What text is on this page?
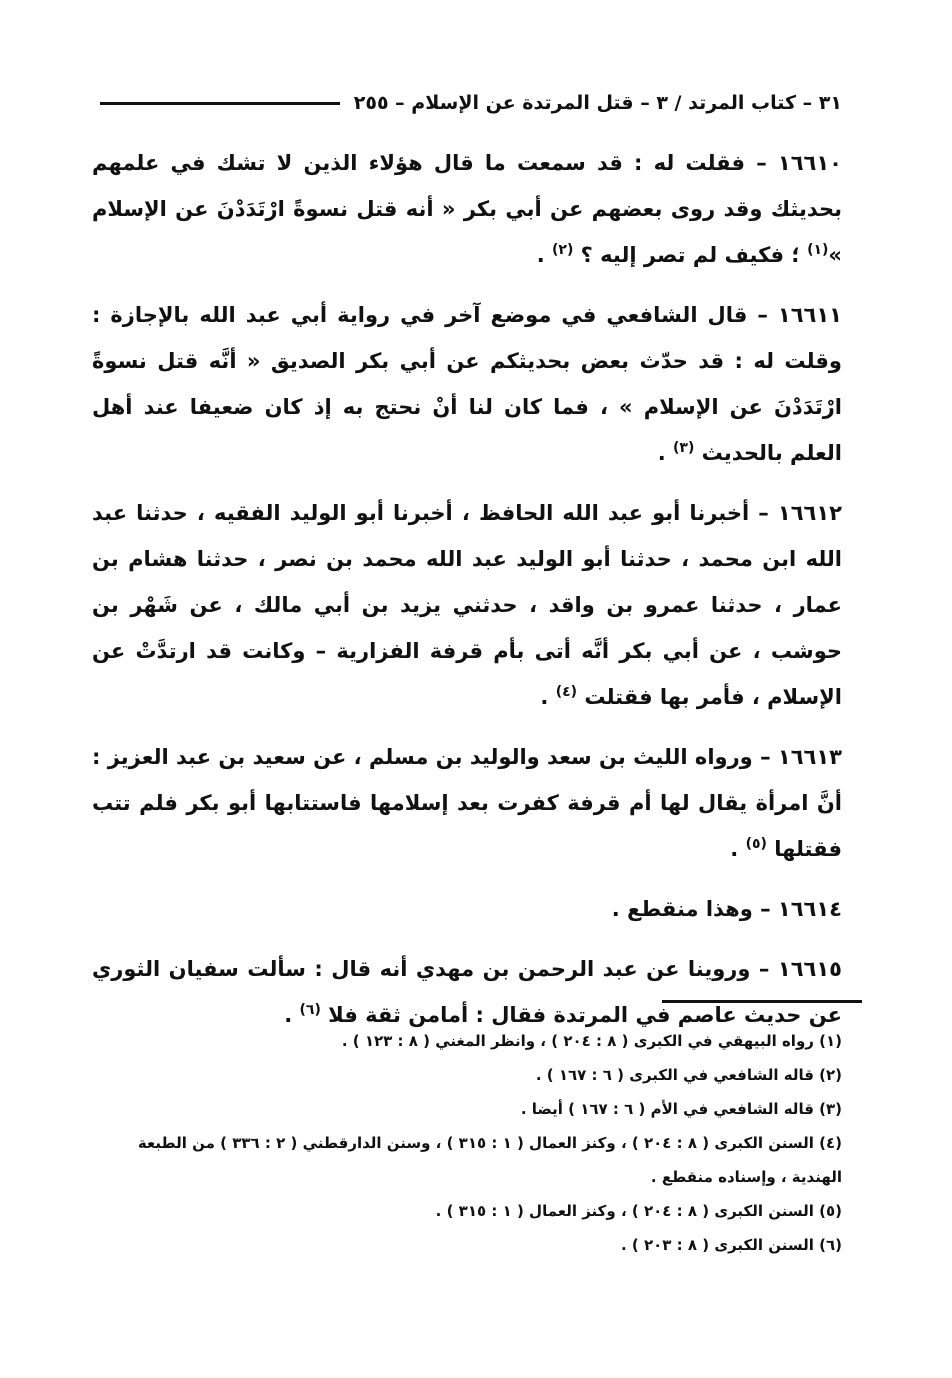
٣١ – كتاب المرتد / ٣ – قتل المرتدة عن الإسلام – ٢٥٥

١٦٦١٠ – فقلت له : قد سمعت ما قال هؤلاء الذين لا تشك في علمهم بحديثك وقد روى بعضهم عن أبي بكر « أنه قتل نسوةً ارْتَدَدْنَ عن الإسلام »$^{(١)}$ ؛ فكيف لم تصر إليه ؟ $^{(٢)}$ .

١٦٦١١ – قال الشافعي في موضع آخر في رواية أبي عبد الله بالإجازة : وقلت له : قد حدّث بعض بحديثكم عن أبي بكر الصديق « أنَّه قتل نسوةً ارْتَدَدْنَ عن الإسلام » ، فما كان لنا أنْ نحتج به إذ كان ضعيفا عند أهل العلم بالحديث $^{(٣)}$ .

١٦٦١٢ – أخبرنا أبو عبد الله الحافظ ، أخبرنا أبو الوليد الفقيه ، حدثنا عبد الله ابن محمد ، حدثنا أبو الوليد عبد الله محمد بن نصر ، حدثنا هشام بن عمار ، حدثنا عمرو بن واقد ، حدثني يزيد بن أبي مالك ، عن شَهْر بن حوشب ، عن أبي بكر أنَّه أتى بأم قرفة الفزارية – وكانت قد ارتدَّتْ عن الإسلام ، فأمر بها فقتلت $^{(٤)}$ .

١٦٦١٣ – ورواه الليث بن سعد والوليد بن مسلم ، عن سعيد بن عبد العزيز : أنَّ امرأة يقال لها أم قرفة كفرت بعد إسلامها فاستتابها أبو بكر فلم تتب فقتلها $^{(٥)}$ .

١٦٦١٤ – وهذا منقطع .

١٦٦١٥ – وروينا عن عبد الرحمن بن مهدي أنه قال : سألت سفيان الثوري عن حديث عاصم في المرتدة فقال : أمامن ثقة فلا $^{(٦)}$ .

(١) رواه البيهقي في الكبرى ( ٨ : ٢٠٤ ) ، وانظر المغني ( ٨ : ١٢٣ ) .

(٢) قاله الشافعي في الكبرى ( ٦ : ١٦٧ ) .

(٣) قاله الشافعي في الأم ( ٦ : ١٦٧ ) أيضا .

(٤) السنن الكبرى ( ٨ : ٢٠٤ ) ، وكنز العمال ( ١ : ٣١٥ ) ، وسنن الدارقطني ( ٢ : ٣٣٦ ) من الطبعة الهندية ، وإسناده منقطع .

(٥) السنن الكبرى ( ٨ : ٢٠٤ ) ، وكنز العمال ( ١ : ٣١٥ ) .

(٦) السنن الكبرى ( ٨ : ٢٠٣ ) .
